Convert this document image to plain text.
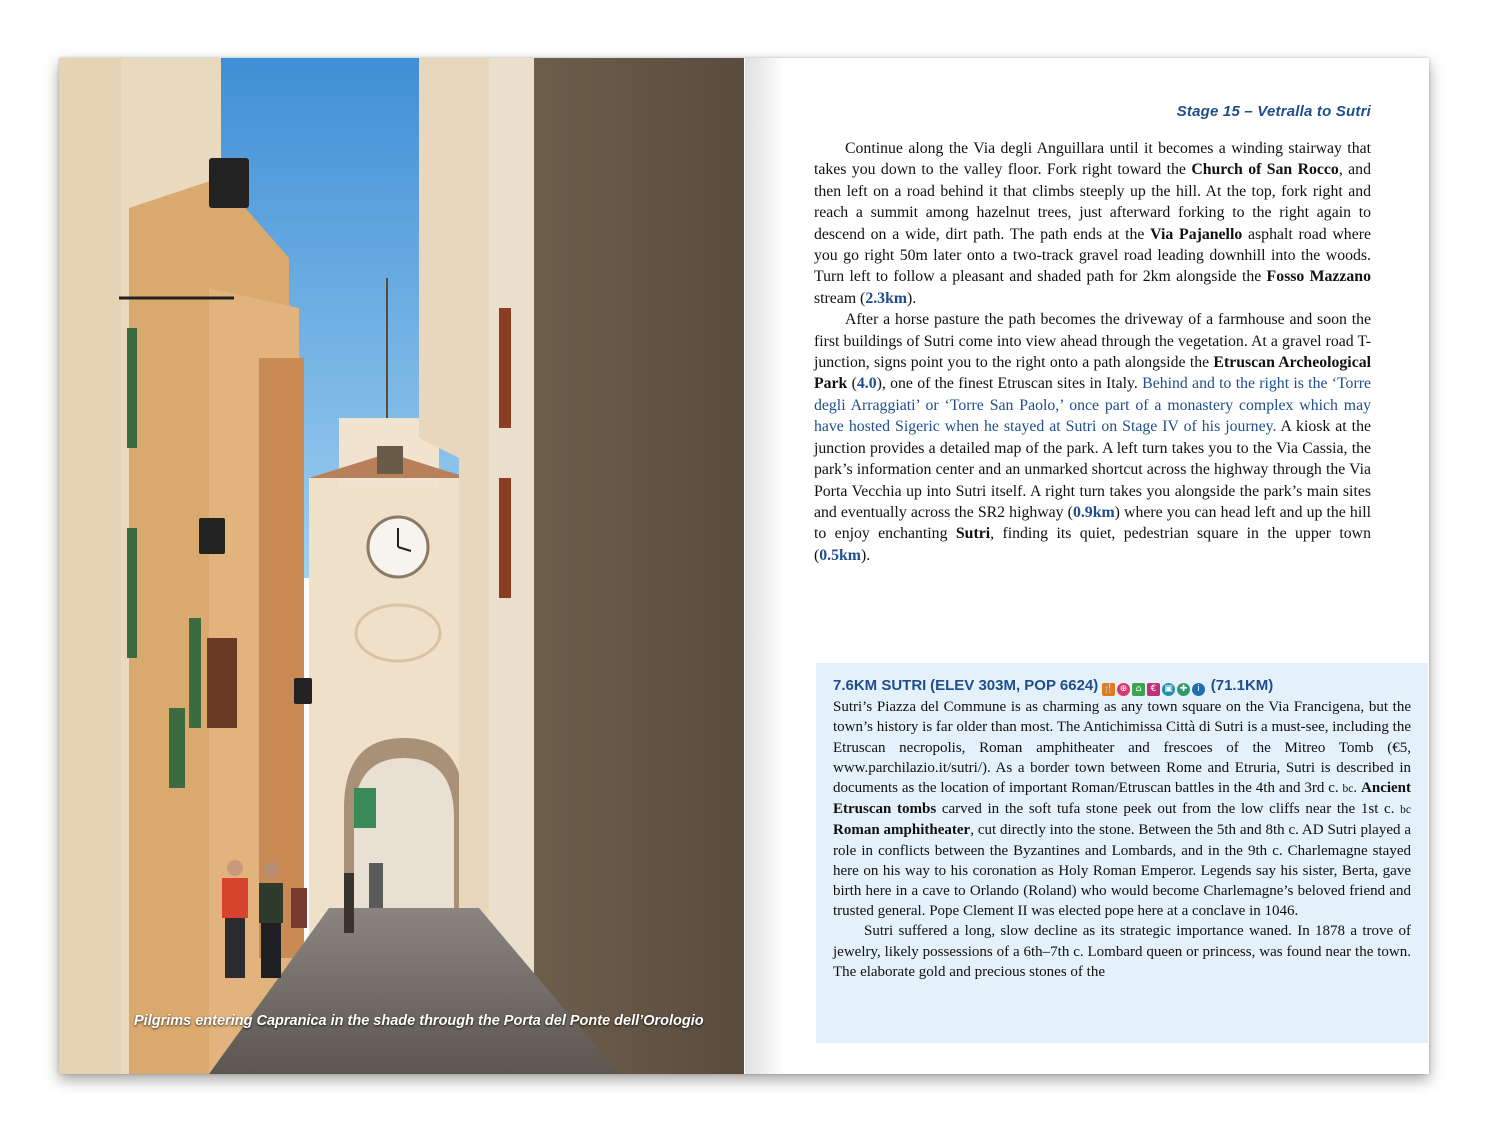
Pilgrims entering Capranica in the shade through the Porta del Ponte dell’Orologio
Stage 15 – Vetralla to Sutri

Continue along the Via degli Anguillara until it becomes a winding stairway that takes you down to the valley floor. Fork right toward the Church of San Rocco, and then left on a road behind it that climbs steeply up the hill. At the top, fork right and reach a summit among hazelnut trees, just afterward forking to the right again to descend on a wide, dirt path. The path ends at the Via Pajanello asphalt road where you go right 50m later onto a two-track gravel road leading downhill into the woods. Turn left to follow a pleasant and shaded path for 2km alongside the Fosso Mazzano stream (2.3km).

After a horse pasture the path becomes the driveway of a farmhouse and soon the first buildings of Sutri come into view ahead through the vegetation. At a gravel road T-junction, signs point you to the right onto a path alongside the Etruscan Archeological Park (4.0), one of the finest Etruscan sites in Italy. Behind and to the right is the ‘Torre degli Arraggiati’ or ‘Torre San Paolo,’ once part of a monastery complex which may have hosted Sigeric when he stayed at Sutri on Stage IV of his journey. A kiosk at the junction provides a detailed map of the park. A left turn takes you to the Via Cassia, the park’s information center and an unmarked shortcut across the highway through the Via Porta Vecchia up into Sutri itself. A right turn takes you alongside the park’s main sites and eventually across the SR2 highway (0.9km) where you can head left and up the hill to enjoy enchanting Sutri, finding its quiet, pedestrian square in the upper town (0.5km).

7.6KM SUTRI (ELEV 303M, POP 6624) 🍴 ⊕ ⌂ € ▣ ✚ i (71.1KM)

Sutri’s Piazza del Commune is as charming as any town square on the Via Francigena, but the town’s history is far older than most. The Antichimissa Città di Sutri is a must-see, including the Etruscan necropolis, Roman amphitheater and frescoes of the Mitreo Tomb (€5, www.parchilazio.it/sutri/). As a border town between Rome and Etruria, Sutri is described in documents as the location of important Roman/Etruscan battles in the 4th and 3rd c. bc. Ancient Etruscan tombs carved in the soft tufa stone peek out from the low cliffs near the 1st c. bc Roman amphitheater, cut directly into the stone. Between the 5th and 8th c. AD Sutri played a role in conflicts between the Byzantines and Lombards, and in the 9th c. Charlemagne stayed here on his way to his coronation as Holy Roman Emperor. Legends say his sister, Berta, gave birth here in a cave to Orlando (Roland) who would become Charlemagne’s beloved friend and trusted general. Pope Clement II was elected pope here at a conclave in 1046.

Sutri suffered a long, slow decline as its strategic importance waned. In 1878 a trove of jewelry, likely possessions of a 6th–7th c. Lombard queen or princess, was found near the town. The elaborate gold and precious stones of the
